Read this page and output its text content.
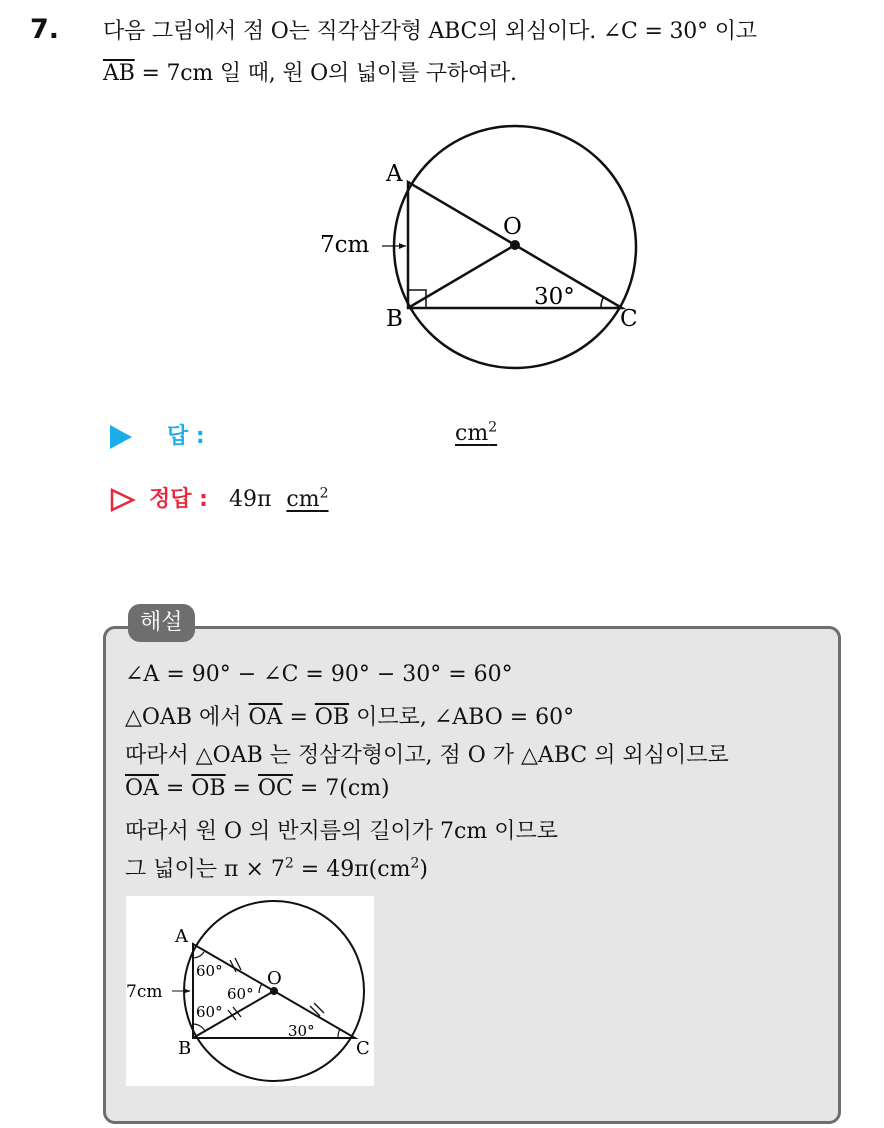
7. 다음 그림에서 점 O는 직각삼각형 ABC의 외심이다. ∠C = 30° 이고
$\overline{AB} = 7cm$ 일 때, 원 O의 넓이를 구하여라.
A
B	C
O
7cm
30°
답 :	$cm^2$
정답 : 49π $cm^2$
해설
∠A = 90° − ∠C = 90° − 30° = 60°
△OAB 에서 $\overline{OA} = \overline{OB}$ 이므로, ∠ABO = 60°
따라서 △OAB 는 정삼각형이고, 점 O 가 △ABC 의 외심이므로
$\overline{OA} = \overline{OB} = \overline{OC} = 7(cm)$
따라서 원 O 의 반지름의 길이가 7cm 이므로
그 넓이는 $\pi \times 7^2 = 49\pi(cm^2)$
A
B	C
O
7cm
60°
60°
60°
30°
